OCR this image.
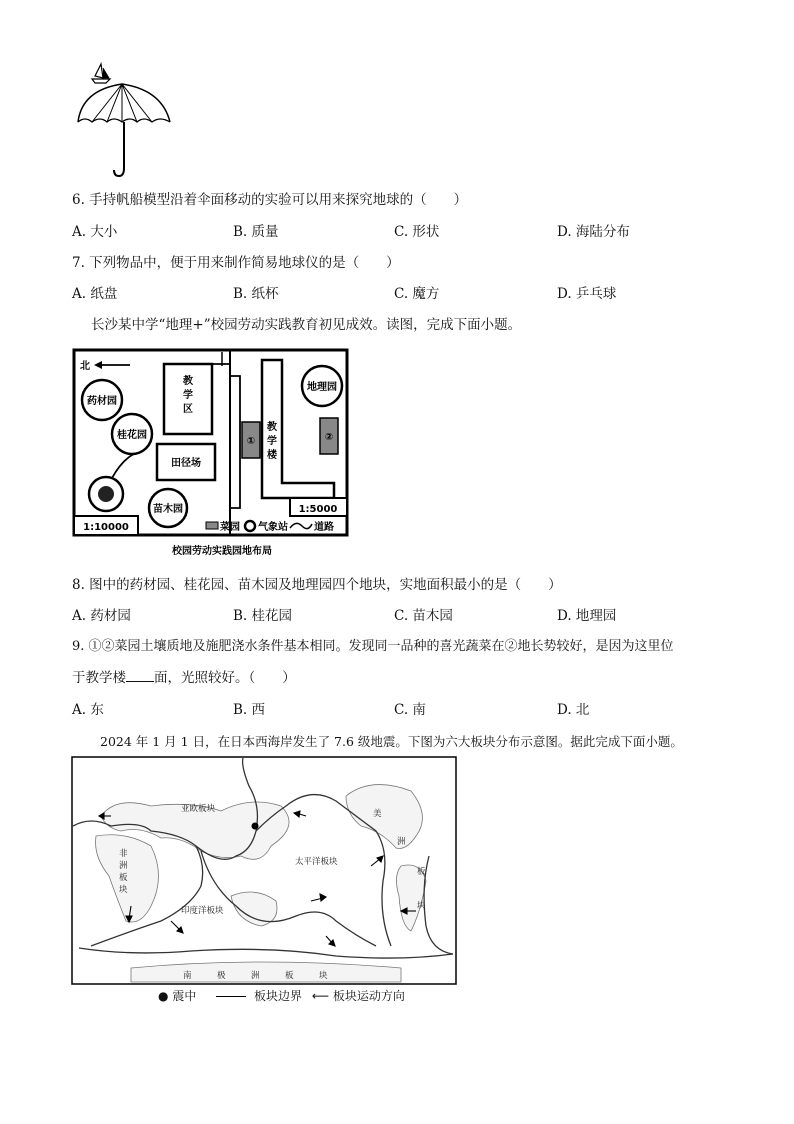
6. 手持帆船模型沿着伞面移动的实验可以用来探究地球的（　　）
A. 大小	B. 质量	C. 形状	D. 海陆分布
7. 下列物品中，便于用来制作简易地球仪的是（　　）
A. 纸盘	B. 纸杯	C. 魔方	D. 乒乓球
长沙某中学“地理+”校园劳动实践教育初见成效。读图，完成下面小题。
北
药材园
桂花园
教
学
区
田径场
苗木园
教
学
楼
①	②
地理园
1:10000
1:5000
菜园 气象站	道路
校园劳动实践园地布局
8. 图中的药材园、桂花园、苗木园及地理园四个地块，实地面积最小的是（　　）
A. 药材园	B. 桂花园	C. 苗木园	D. 地理园
9. ①②菜园土壤质地及施肥浇水条件基本相同。发现同一品种的喜光蔬菜在②地长势较好，是因为这里位
于教学楼 面，光照较好。（　　）
A. 东	B. 西	C. 南	D. 北
2024 年 1 月 1 日，在日本西海岸发生了 7.6 级地震。下图为六大板块分布示意图。据此完成下面小题。
亚欧板块
非
洲
板
块
印度洋板块
太平洋板块
美
洲
板
块
南	极	洲	板	块
● 震中	板块边界 ⟵ 板块运动方向
